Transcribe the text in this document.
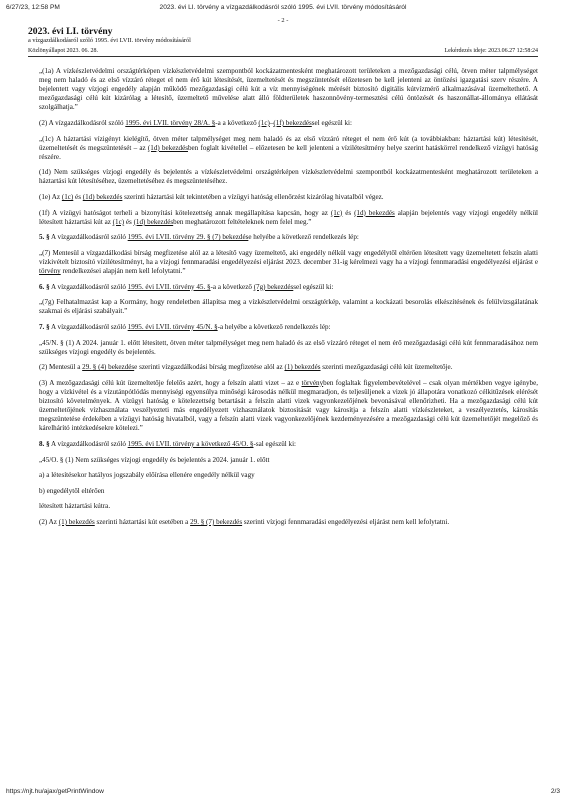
6/27/23, 12:58 PM	2023. évi LI. törvény a vízgazdálkodásról szóló 1995. évi LVII. törvény módosításáról
- 2 -
2023. évi LI. törvény
a vízgazdálkodásról szóló 1995. évi LVII. törvény módosításáról
Közlönyállapot 2023. 06. 28.	Lekérdezés ideje: 2023.06.27 12:58:24

„(1a) A vízkészletvédelmi országtérképen vízkészletvédelmi szempontból kockázatmentesként meghatározott területeken a mezőgazdasági célú, ötven méter talpmélységet meg nem haladó és az első vízzáró réteget el nem érő kút létesítését, üzemeltetését és megszüntetését előzetesen be kell jelenteni az öntözési igazgatási szerv részére. A bejelentett vagy vízjogi engedély alapján működő mezőgazdasági célú kút a víz mennyiségének mérését biztosító digitális kútvízmérő alkalmazásával üzemeltethető. A mezőgazdasági célú kút kizárólag a létesítő, üzemeltető művelése alatt álló földterületek haszonnövény-termesztési célú öntözését és haszonállat-állománya ellátását szolgálhatja.”

(2) A vízgazdálkodásról szóló 1995. évi LVII. törvény 28/A. §-a a következő (1c)–(1f) bekezdéssel egészül ki:

„(1c) A háztartási vízigényt kielégítő, ötven méter talpmélységet meg nem haladó és az első vízzáró réteget el nem érő kút (a továbbiakban: háztartási kút) létesítését, üzemeltetését és megszüntetését – az (1d) bekezdésben foglalt kivétellel – előzetesen be kell jelenteni a vízilétesítmény helye szerint hatáskörrel rendelkező vízügyi hatóság részére.

(1d) Nem szükséges vízjogi engedély és bejelentés a vízkészletvédelmi országtérképen vízkészletvédelmi szempontból kockázatmentesként meghatározott területeken a háztartási kút létesítéséhez, üzemeltetéséhez és megszüntetéséhez.

(1e) Az (1c) és (1d) bekezdés szerinti háztartási kút tekintetében a vízügyi hatóság ellenőrzést kizárólag hivatalból végez.

(1f) A vízügyi hatóságot terheli a bizonyítási kötelezettség annak megállapítása kapcsán, hogy az (1c) és (1d) bekezdés alapján bejelentés vagy vízjogi engedély nélkül létesített háztartási kút az (1c) és (1d) bekezdésben meghatározott feltételeknek nem felel meg.”

5. § A vízgazdálkodásról szóló 1995. évi LVII. törvény 29. § (7) bekezdése helyébe a következő rendelkezés lép:

„(7) Mentesül a vízgazdálkodási bírság megfizetése alól az a létesítő vagy üzemeltető, aki engedély nélkül vagy engedélytől eltérően létesített vagy üzemeltetett felszín alatti vízkivételt biztosító vízilétesítményt, ha a vízjogi fennmaradási engedélyezési eljárást 2023. december 31-ig kérelmezi vagy ha a vízjogi fennmaradási engedélyezési eljárást e törvény rendelkezései alapján nem kell lefolytatni.”

6. § A vízgazdálkodásról szóló 1995. évi LVII. törvény 45. §-a a következő (7g) bekezdéssel egészül ki:

„(7g) Felhatalmazást kap a Kormány, hogy rendeletben állapítsa meg a vízkészletvédelmi országtérkép, valamint a kockázati besorolás elkészítésének és felülvizsgálatának szakmai és eljárási szabályait.”

7. § A vízgazdálkodásról szóló 1995. évi LVII. törvény 45/N. §-a helyébe a következő rendelkezés lép:

„45/N. § (1) A 2024. január 1. előtt létesített, ötven méter talpmélységet meg nem haladó és az első vízzáró réteget el nem érő mezőgazdasági célú kút fennmaradásához nem szükséges vízjogi engedély és bejelentés.

(2) Mentesül a 29. § (4) bekezdése szerinti vízgazdálkodási bírság megfizetése alól az (1) bekezdés szerinti mezőgazdasági célú kút üzemeltetője.

(3) A mezőgazdasági célú kút üzemeltetője felelős azért, hogy a felszín alatti vizet – az e törvényben foglaltak figyelembevételével – csak olyan mértékben vegye igénybe, hogy a vízkivétel és a vízutánpótlódás mennyiségi egyensúlya minőségi károsodás nélkül megmaradjon, és teljesüljenek a vizek jó állapotára vonatkozó célkitűzések elérését biztosító követelmények. A vízügyi hatóság e kötelezettség betartását a felszín alatti vizek vagyonkezelőjének bevonásával ellenőrizheti. Ha a mezőgazdasági célú kút üzemeltetőjének vízhasználata veszélyezteti más engedélyezett vízhasználatok biztosítását vagy károsítja a felszín alatti vízkészleteket, a veszélyeztetés, károsítás megszüntetése érdekében a vízügyi hatóság hivatalból, vagy a felszín alatti vizek vagyonkezelőjének kezdeményezésére a mezőgazdasági célú kút üzemeltetőjét megelőző és kárelhárító intézkedésekre kötelezi.”

8. § A vízgazdálkodásról szóló 1995. évi LVII. törvény a következő 45/O. §-sal egészül ki:

„45/O. § (1) Nem szükséges vízjogi engedély és bejelentés a 2024. január 1. előtt

a) a létesítésekor hatályos jogszabály előírása ellenére engedély nélkül vagy

b) engedélytől eltérően

létesített háztartási kútra.

(2) Az (1) bekezdés szerinti háztartási kút esetében a 29. § (7) bekezdés szerinti vízjogi fennmaradási engedélyezési eljárást nem kell lefolytatni.

https://njt.hu/ajax/getPrintWindow	2/3
